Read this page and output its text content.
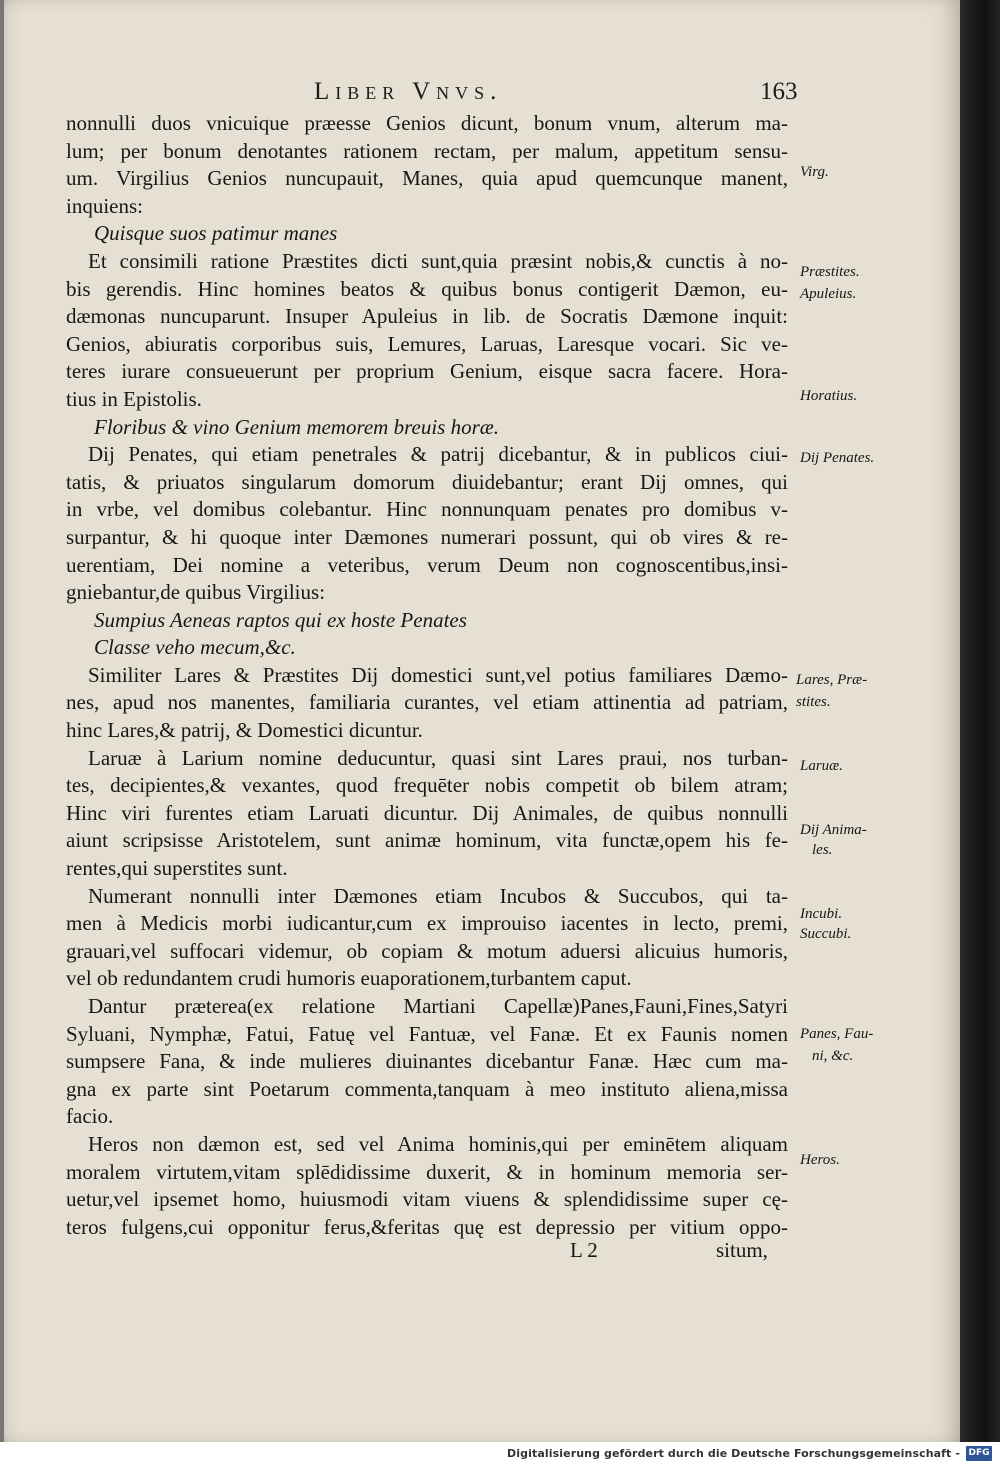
Liber Vnvs.	163
nonnulli duos vnicuique præesse Genios dicunt, bonum vnum, alterum ma-
lum; per bonum denotantes rationem rectam, per malum, appetitum sensu-
um. Virgilius Genios nuncupauit, Manes, quia apud quemcunque manent,
inquiens:
Quisque suos patimur manes
Et consimili ratione Præstites dicti sunt,quia præsint nobis,& cunctis à no-
bis gerendis. Hinc homines beatos & quibus bonus contigerit Dæmon, eu-
dæmonas nuncuparunt. Insuper Apuleius in lib. de Socratis Dæmone inquit:
Genios, abiuratis corporibus suis, Lemures, Laruas, Laresque vocari. Sic ve-
teres iurare consueuerunt per proprium Genium, eisque sacra facere. Hora-
tius in Epistolis.
Floribus & vino Genium memorem breuis horæ.
Dij Penates, qui etiam penetrales & patrij dicebantur, & in publicos ciui-
tatis, & priuatos singularum domorum diuidebantur; erant Dij omnes, qui
in vrbe, vel domibus colebantur. Hinc nonnunquam penates pro domibus v-
surpantur, & hi quoque inter Dæmones numerari possunt, qui ob vires & re-
uerentiam, Dei nomine a veteribus, verum Deum non cognoscentibus,insi-
gniebantur,de quibus Virgilius:
Sumpius Aeneas raptos qui ex hoste Penates
Classe veho mecum,&c.
Similiter Lares & Præstites Dij domestici sunt,vel potius familiares Dæmo-
nes, apud nos manentes, familiaria curantes, vel etiam attinentia ad patriam,
hinc Lares,& patrij, & Domestici dicuntur.
Laruæ à Larium nomine deducuntur, quasi sint Lares praui, nos turban-
tes, decipientes,& vexantes, quod frequēter nobis competit ob bilem atram;
Hinc viri furentes etiam Laruati dicuntur. Dij Animales, de quibus nonnulli
aiunt scripsisse Aristotelem, sunt animæ hominum, vita functæ,opem his fe-
rentes,qui superstites sunt.
Numerant nonnulli inter Dæmones etiam Incubos & Succubos, qui ta-
men à Medicis morbi iudicantur,cum ex improuiso iacentes in lecto, premi,
grauari,vel suffocari videmur, ob copiam & motum aduersi alicuius humoris,
vel ob redundantem crudi humoris euaporationem,turbantem caput.
Dantur præterea(ex relatione Martiani Capellæ)Panes,Fauni,Fines,Satyri
Syluani, Nymphæ, Fatui, Fatuę vel Fantuæ, vel Fanæ. Et ex Faunis nomen
sumpsere Fana, & inde mulieres diuinantes dicebantur Fanæ. Hæc cum ma-
gna ex parte sint Poetarum commenta,tanquam à meo instituto aliena,missa
facio.
Heros non dæmon est, sed vel Anima hominis,qui per eminētem aliquam
moralem virtutem,vitam splēdidissime duxerit, & in hominum memoria ser-
uetur,vel ipsemet homo, huiusmodi vitam viuens & splendidissime super cę-
teros fulgens,cui opponitur ferus,&feritas quę est depressio per vitium oppo-
Virg.
Præstites.
Apuleius.
Horatius.
Dij Penates.
Lares, Præ-
stites.
Laruæ.
Dij Anima-
les.
Incubi.
Succubi.
Panes, Fau-
ni, &c.
Heros.
L 2	situm,
Digitalisierung gefördert durch die Deutsche Forschungsgemeinschaft - DFG
